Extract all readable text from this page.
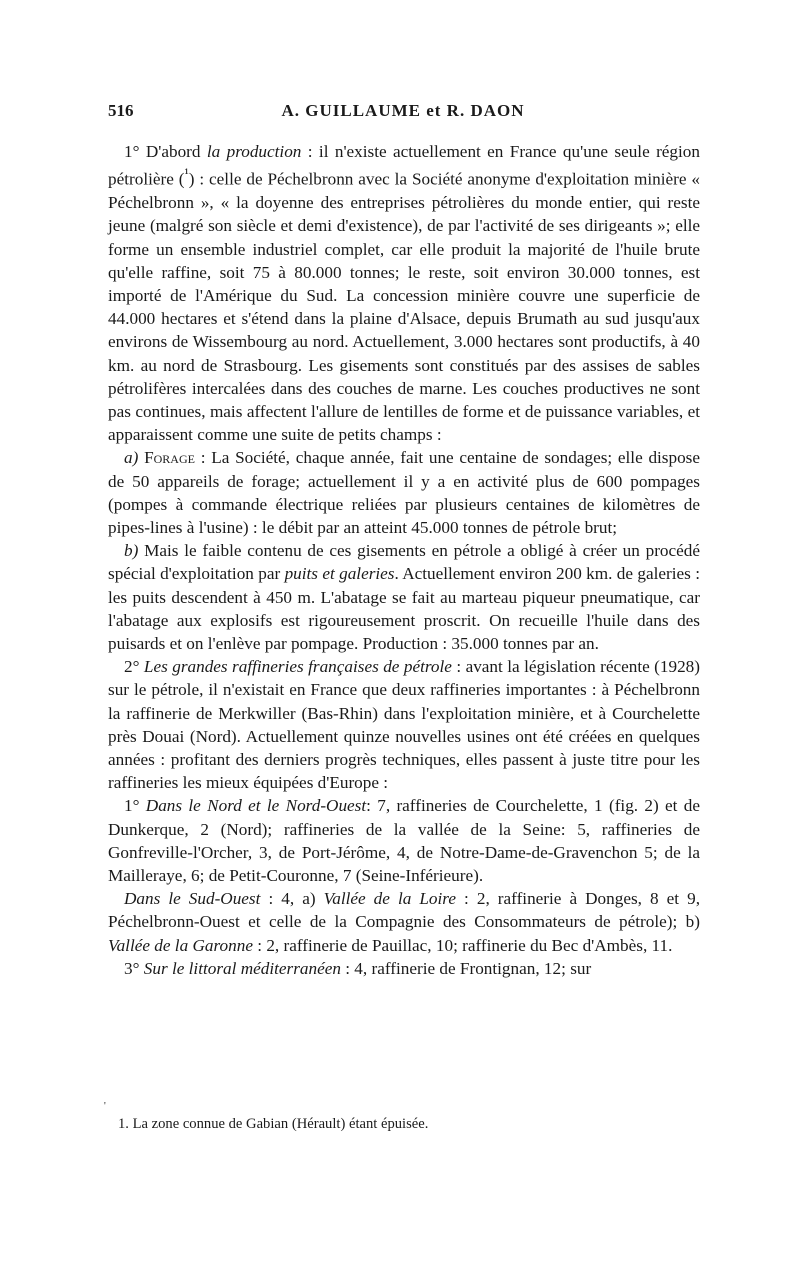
516	A. GUILLAUME et R. DAON

1° D'abord la production : il n'existe actuellement en France qu'une seule région pétrolière ($^{^1}$) : celle de Péchelbronn avec la Société anonyme d'exploitation minière « Péchelbronn », « la doyenne des entreprises pétrolières du monde entier, qui reste jeune (malgré son siècle et demi d'existence), de par l'activité de ses dirigeants »; elle forme un ensemble industriel complet, car elle produit la majorité de l'huile brute qu'elle raffine, soit 75 à 80.000 tonnes; le reste, soit environ 30.000 tonnes, est importé de l'Amérique du Sud. La concession minière couvre une superficie de 44.000 hectares et s'étend dans la plaine d'Alsace, depuis Brumath au sud jusqu'aux environs de Wissembourg au nord. Actuellement, 3.000 hectares sont productifs, à 40 km. au nord de Strasbourg. Les gisements sont constitués par des assises de sables pétrolifères intercalées dans des couches de marne. Les couches productives ne sont pas continues, mais affectent l'allure de lentilles de forme et de puissance variables, et apparaissent comme une suite de petits champs :

a) Forage : La Société, chaque année, fait une centaine de sondages; elle dispose de 50 appareils de forage; actuellement il y a en activité plus de 600 pompages (pompes à commande électrique reliées par plusieurs centaines de kilomètres de pipes-lines à l'usine) : le débit par an atteint 45.000 tonnes de pétrole brut;

b) Mais le faible contenu de ces gisements en pétrole a obligé à créer un procédé spécial d'exploitation par puits et galeries. Actuellement environ 200 km. de galeries : les puits descendent à 450 m. L'abatage se fait au marteau piqueur pneumatique, car l'abatage aux explosifs est rigoureusement proscrit. On recueille l'huile dans des puisards et on l'enlève par pompage. Production : 35.000 tonnes par an.

2° Les grandes raffineries françaises de pétrole : avant la législation récente (1928) sur le pétrole, il n'existait en France que deux raffineries importantes : à Péchelbronn la raffinerie de Merkwiller (Bas-Rhin) dans l'exploitation minière, et à Courchelette près Douai (Nord). Actuellement quinze nouvelles usines ont été créées en quelques années : profitant des derniers progrès techniques, elles passent à juste titre pour les raffineries les mieux équipées d'Europe :

1° Dans le Nord et le Nord-Ouest: 7, raffineries de Courchelette, 1 (fig. 2) et de Dunkerque, 2 (Nord); raffineries de la vallée de la Seine: 5, raffineries de Gonfreville-l'Orcher, 3, de Port-Jérôme, 4, de Notre-Dame-de-Gravenchon 5; de la Mailleraye, 6; de Petit-Couronne, 7 (Seine-Inférieure).

Dans le Sud-Ouest : 4, a) Vallée de la Loire : 2, raffinerie à Donges, 8 et 9, Péchelbronn-Ouest et celle de la Compagnie des Consommateurs de pétrole); b) Vallée de la Garonne : 2, raffinerie de Pauillac, 10; raffinerie du Bec d'Ambès, 11.

3° Sur le littoral méditerranéen : 4, raffinerie de Frontignan, 12; sur

'
1. La zone connue de Gabian (Hérault) étant épuisée.
